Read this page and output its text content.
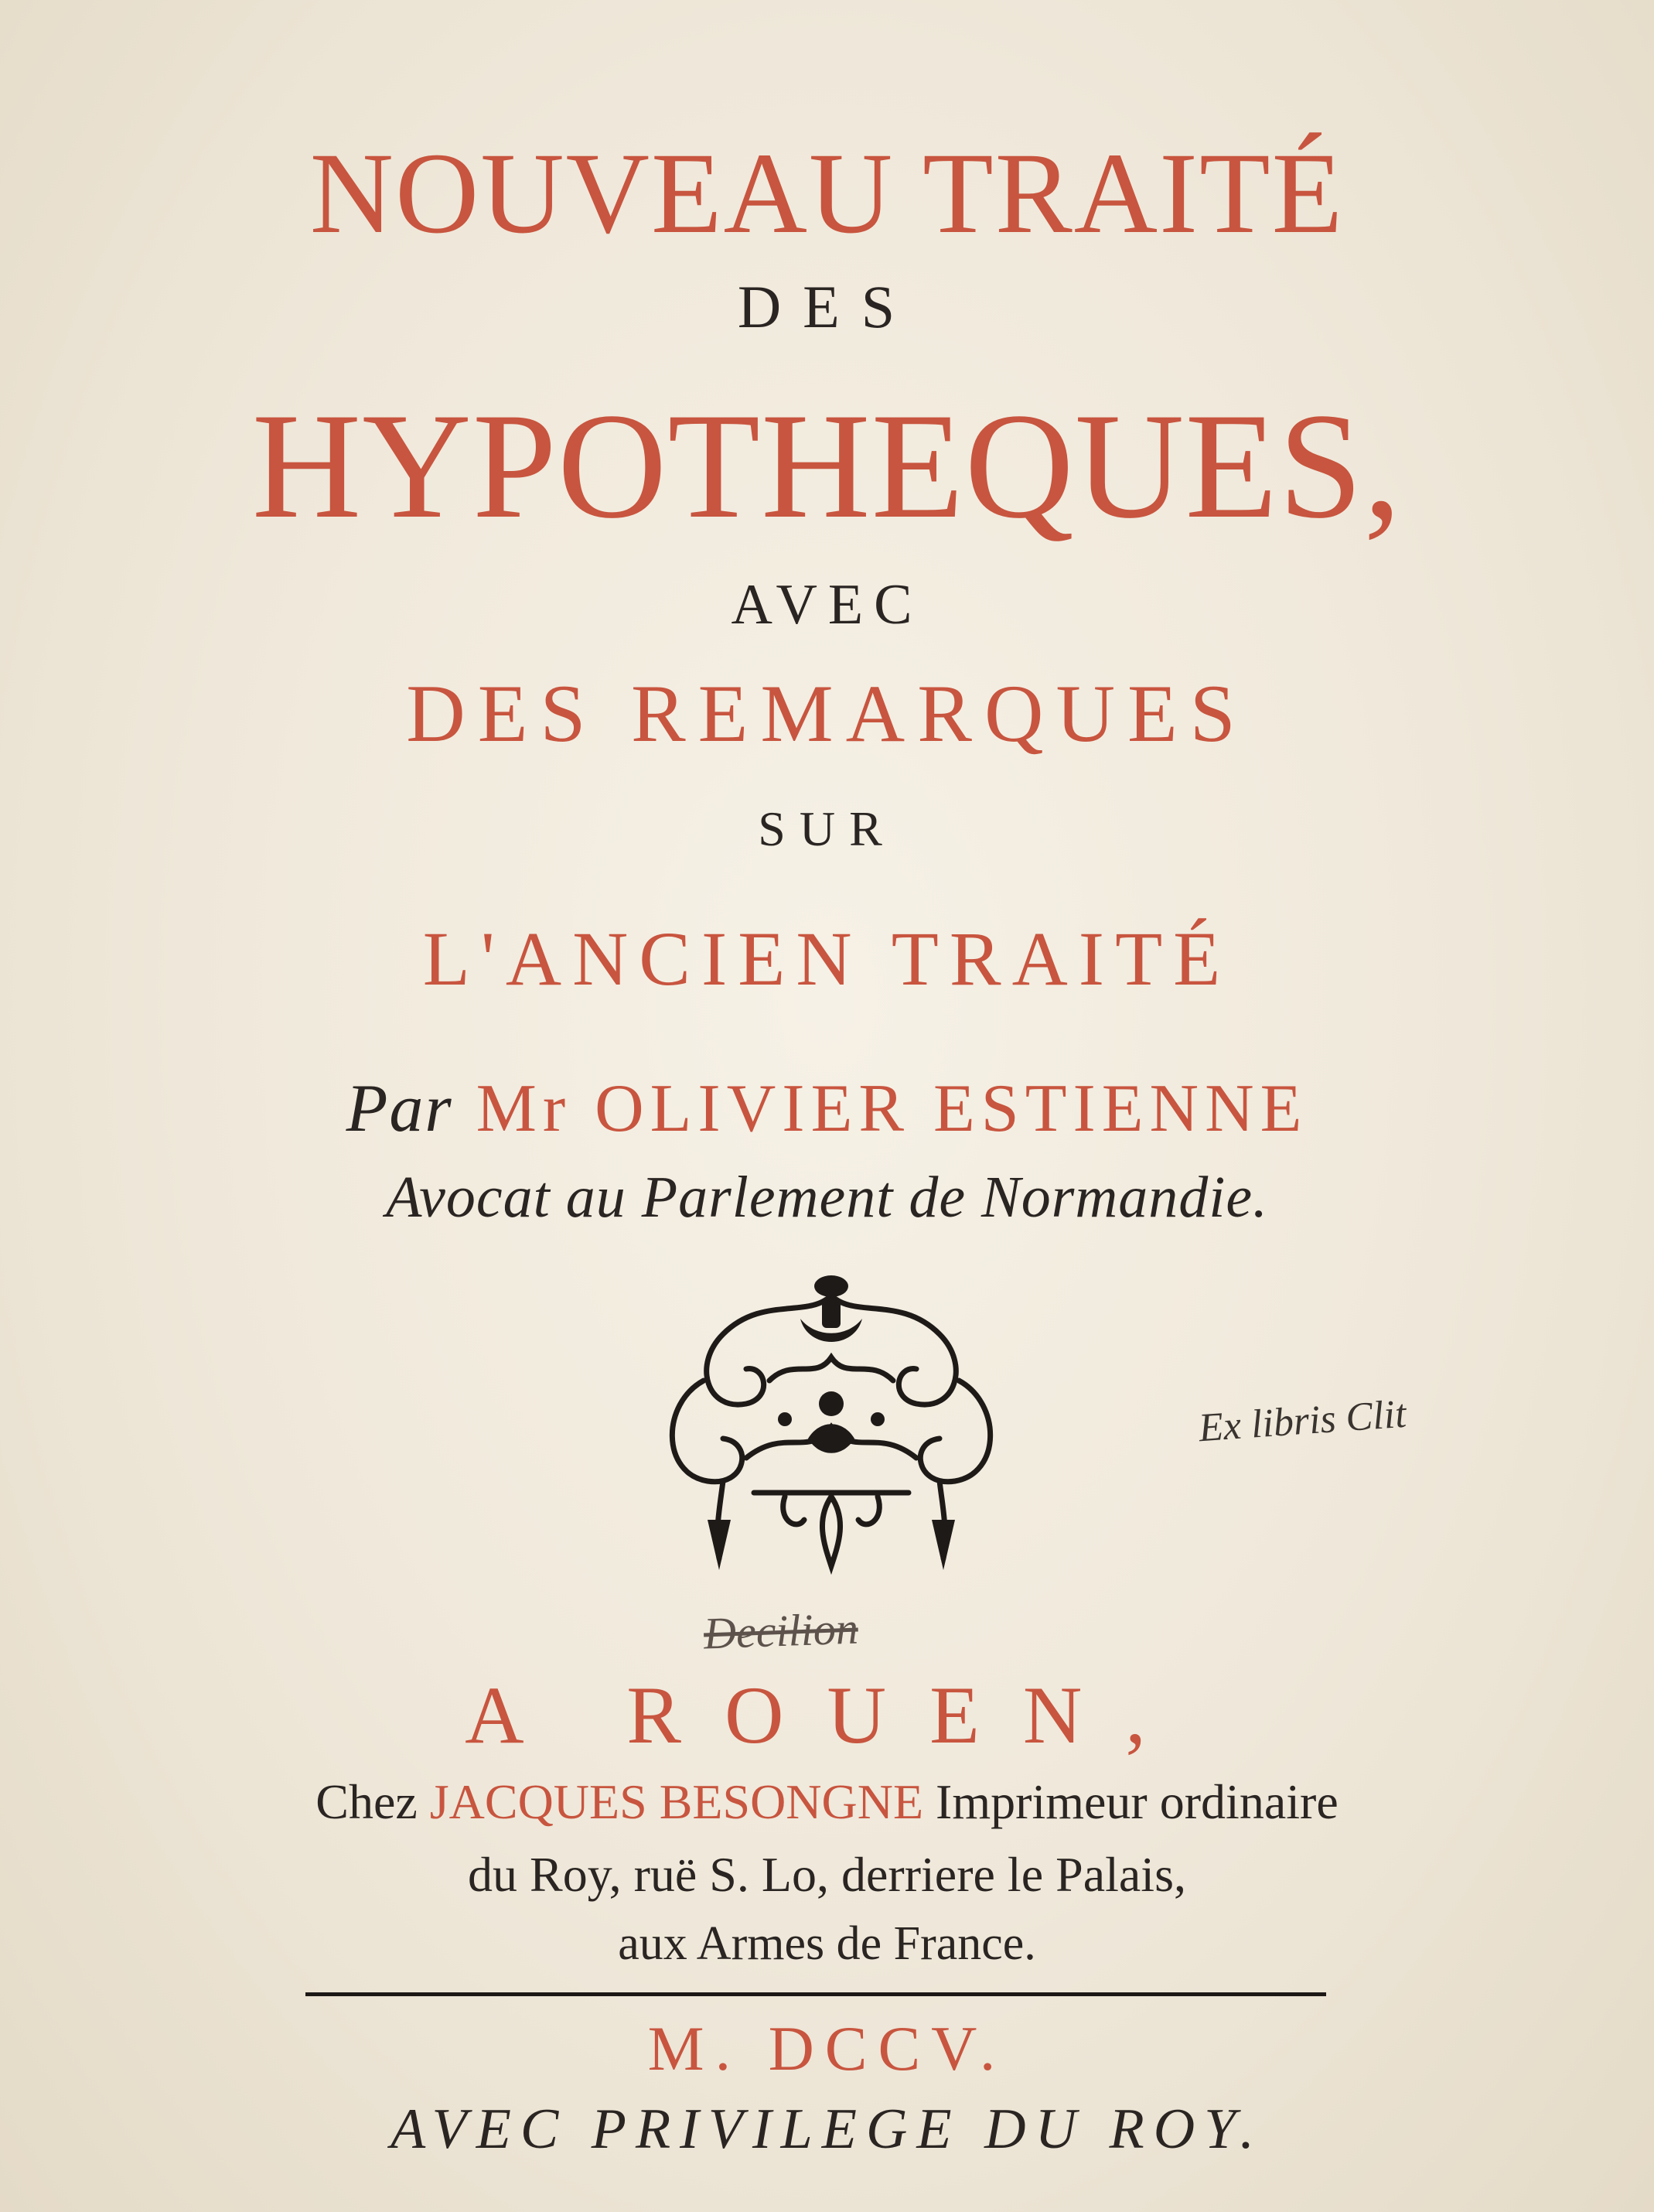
NOUVEAU TRAITÉ

DES

HYPOTHEQUES,

AVEC

DES REMARQUES

SUR

L'ANCIEN TRAITÉ

Par Mr OLIVIER ESTIENNE

Avocat au Parlement de Normandie.

Ex libris Clit
Decilion

A ROUEN,

Chez JACQUES BESONGNE Imprimeur ordinaire

du Roy, ruë S. Lo, derriere le Palais,

aux Armes de France.

M. DCCV.

AVEC PRIVILEGE DU ROY.
